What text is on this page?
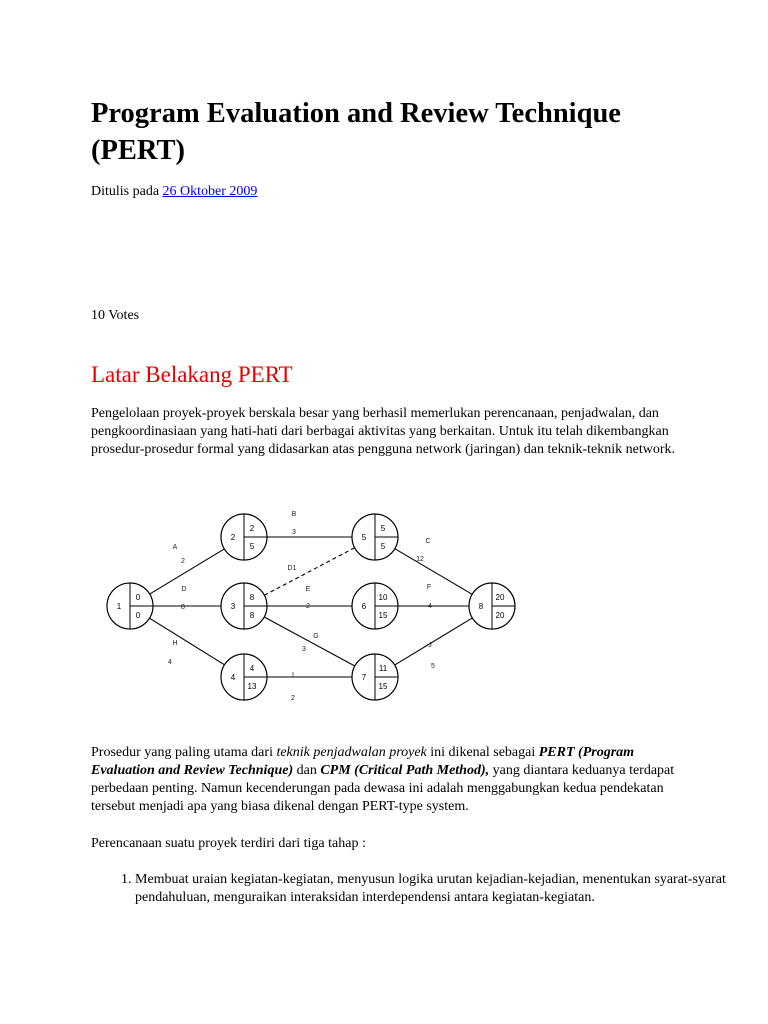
Program Evaluation and Review Technique (PERT)
Ditulis pada 26 Oktober 2009
10 Votes
Latar Belakang PERT

Pengelolaan proyek-proyek berskala besar yang berhasil memerlukan perencanaan, penjadwalan, dan pengkoordinasiaan yang hati-hati dari berbagai aktivitas yang berkaitan. Untuk itu telah dikembangkan prosedur-prosedur formal yang didasarkan atas pengguna network (jaringan) dan teknik-teknik network.

Prosedur yang paling utama dari teknik penjadwalan proyek ini dikenal sebagai PERT (Program Evaluation and Review Technique) dan CPM (Critical Path Method), yang diantara keduanya terdapat perbedaan penting. Namun kecenderungan pada dewasa ini adalah menggabungkan kedua pendekatan tersebut menjadi apa yang biasa dikenal dengan PERT-type system.

Perencanaan suatu proyek terdiri dari tiga tahap :

1. Membuat uraian kegiatan-kegiatan, menyusun logika urutan kejadian-kejadian, menentukan syarat-syarat pendahuluan, menguraikan interaksidan interdependensi antara kegiatan-kegiatan.
1
0
0
2
2
5
3
8
8
4
4
13
5
5
5
6
10
15
7
11
15
8
20
20
A
2
D
8
H
4
B
3
D1
E
2
G
3
I
2
C
12
F
4
J
5
